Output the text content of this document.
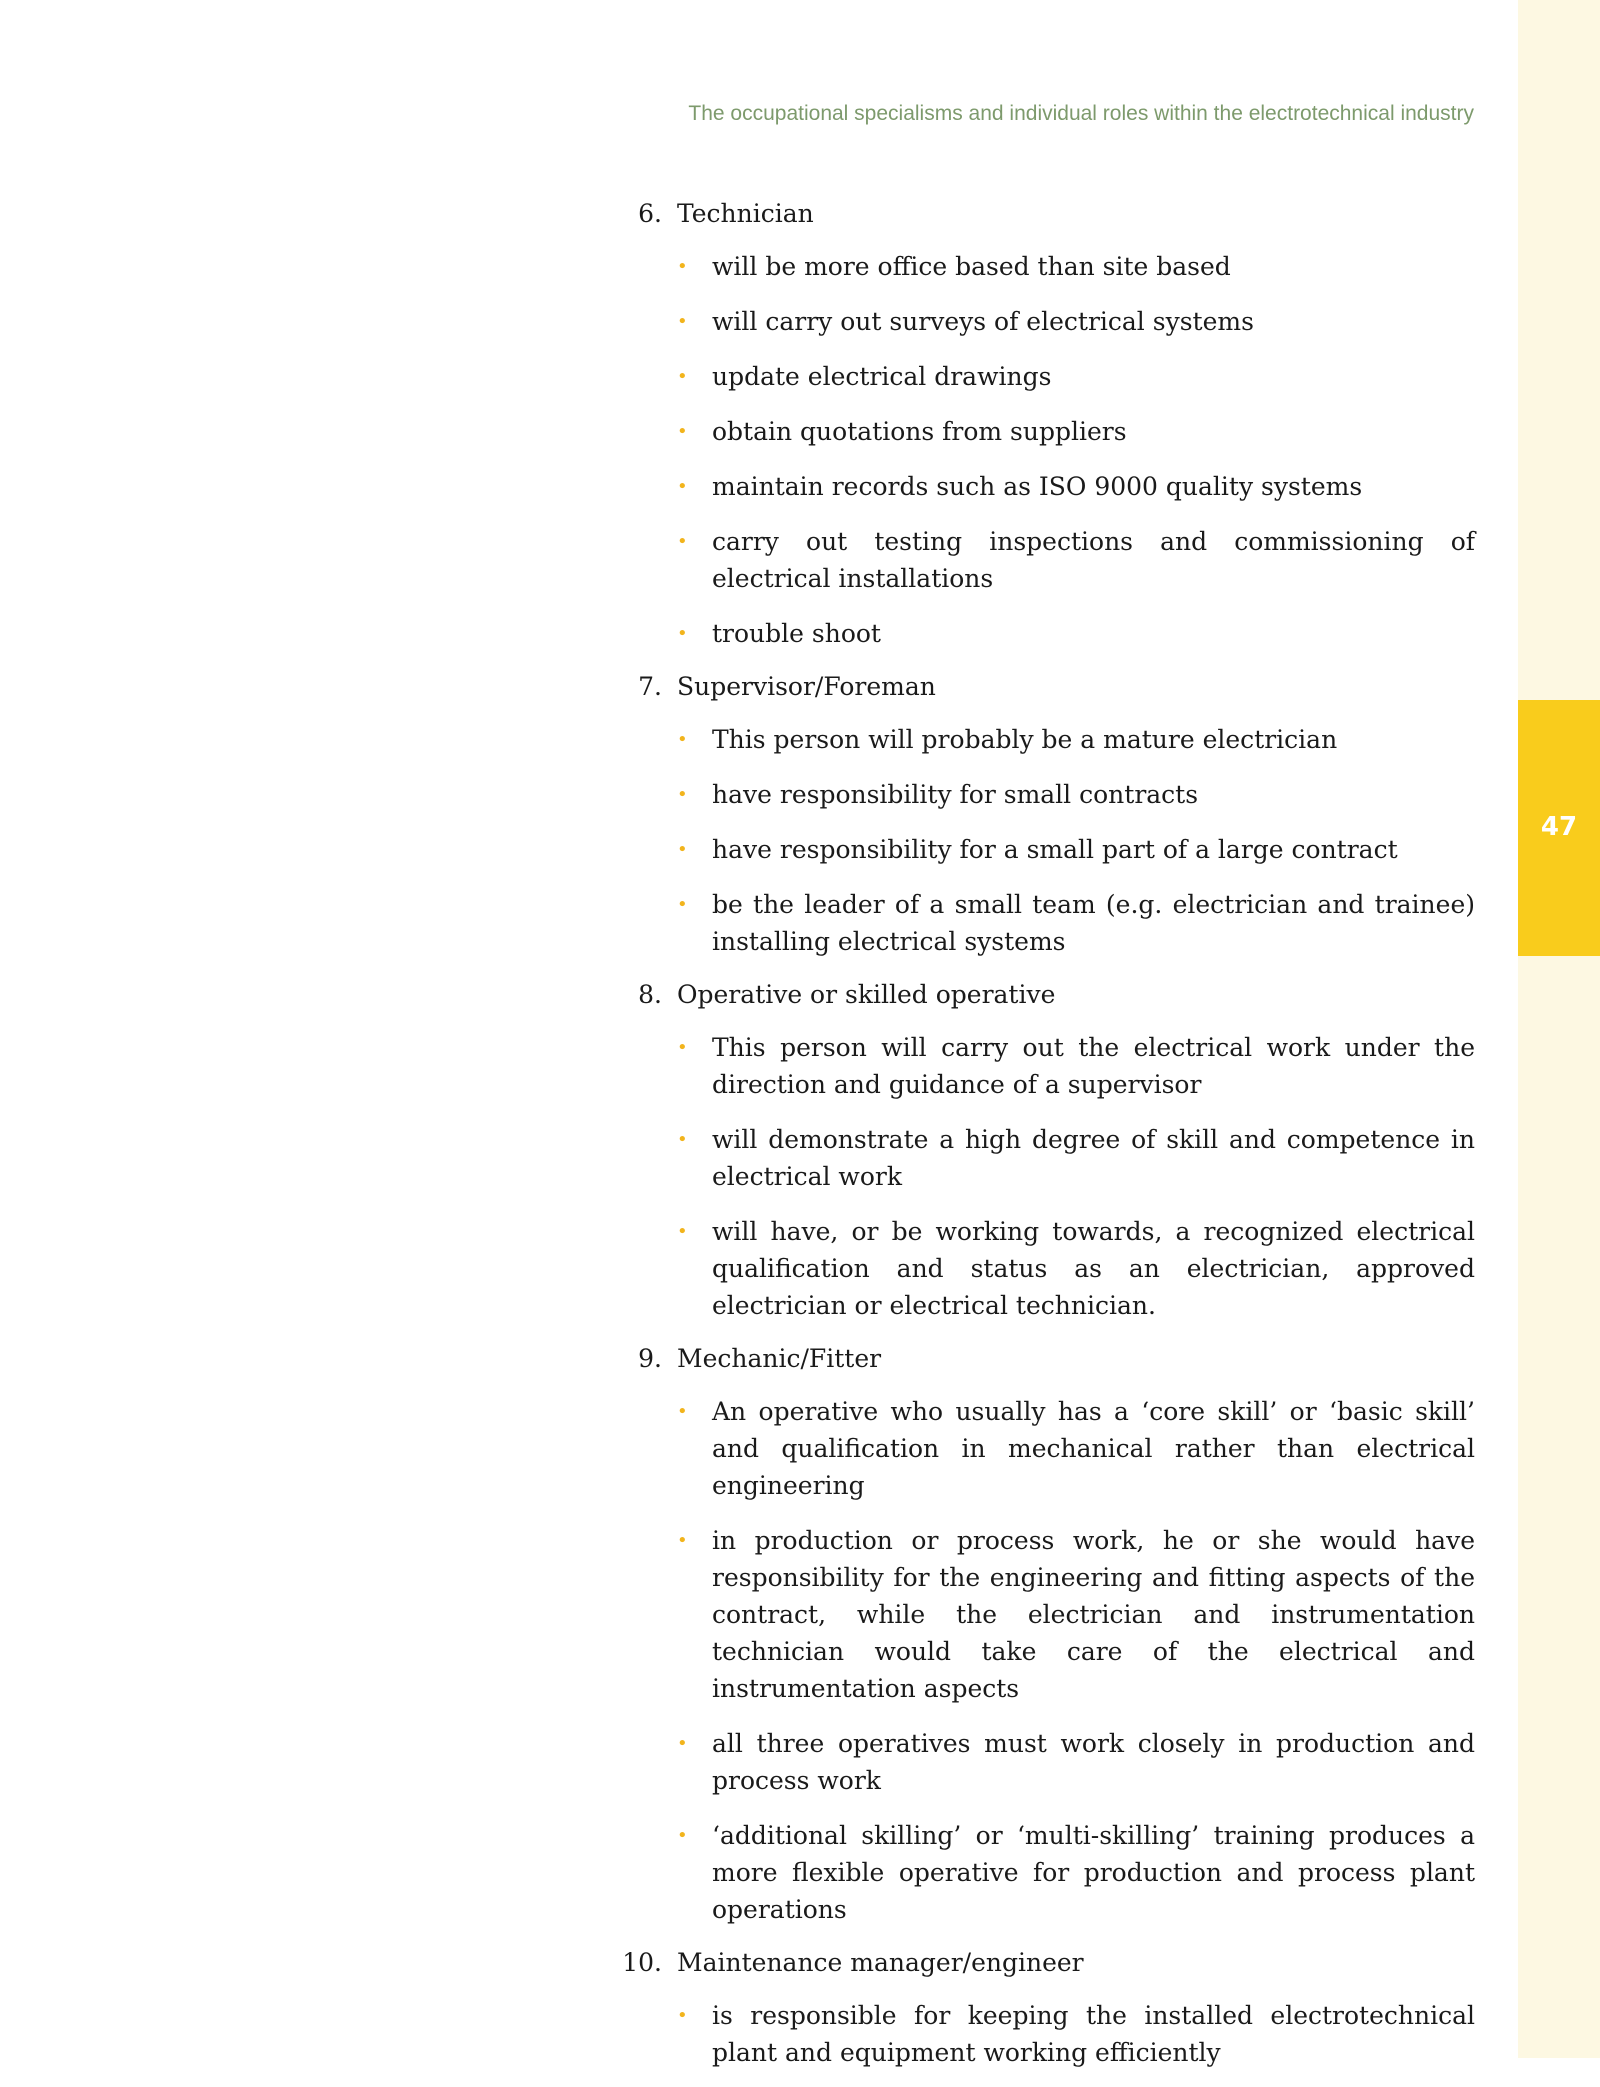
47
The occupational specialisms and individual roles within the electrotechnical industry
6. Technician
• will be more office based than site based
• will carry out surveys of electrical systems
• update electrical drawings
• obtain quotations from suppliers
• maintain records such as ISO 9000 quality systems
• carry out testing inspections and commissioning of electrical installations
• trouble shoot
7. Supervisor/Foreman
• This person will probably be a mature electrician
• have responsibility for small contracts
• have responsibility for a small part of a large contract
• be the leader of a small team (e.g. electrician and trainee) installing electrical systems
8. Operative or skilled operative
• This person will carry out the electrical work under the direction and guidance of a supervisor
• will demonstrate a high degree of skill and competence in electrical work
• will have, or be working towards, a recognized electrical qualification and status as an electrician, approved electrician or electrical technician.
9. Mechanic/Fitter
• An operative who usually has a ‘core skill’ or ‘basic skill’ and qualification in mechanical rather than electrical engineering
• in production or process work, he or she would have responsibility for the engineering and fitting aspects of the contract, while the electrician and instrumentation technician would take care of the electrical and instrumentation aspects
• all three operatives must work closely in production and process work
• ‘additional skilling’ or ‘multi-skilling’ training produces a more flexible operative for production and process plant operations
10. Maintenance manager/engineer
• is responsible for keeping the installed electrotechnical plant and equipment working efficiently
